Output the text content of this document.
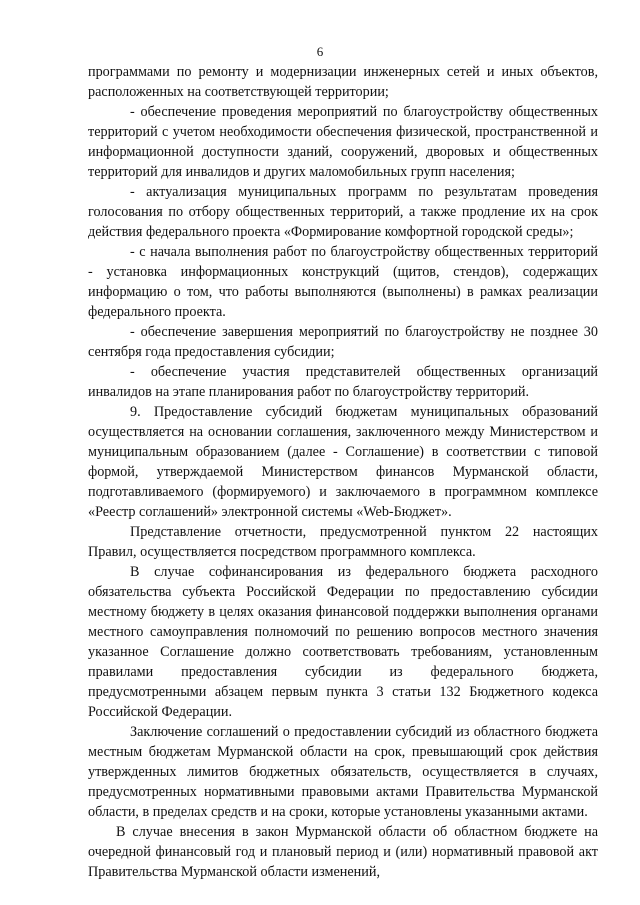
6

программами по ремонту и модернизации инженерных сетей и иных объектов, расположенных на соответствующей территории;

- обеспечение проведения мероприятий по благоустройству общественных территорий с учетом необходимости обеспечения физической, пространственной и информационной доступности зданий, сооружений, дворовых и общественных территорий для инвалидов и других маломобильных групп населения;

- актуализация муниципальных программ по результатам проведения голосования по отбору общественных территорий, а также продление их на срок действия федерального проекта «Формирование комфортной городской среды»;

- с начала выполнения работ по благоустройству общественных территорий - установка информационных конструкций (щитов, стендов), содержащих информацию о том, что работы выполняются (выполнены) в рамках реализации федерального проекта.

- обеспечение завершения мероприятий по благоустройству не позднее 30 сентября года предоставления субсидии;

- обеспечение участия представителей общественных организаций инвалидов на этапе планирования работ по благоустройству территорий.

9. Предоставление субсидий бюджетам муниципальных образований осуществляется на основании соглашения, заключенного между Министерством и муниципальным образованием (далее - Соглашение) в соответствии с типовой формой, утверждаемой Министерством финансов Мурманской области, подготавливаемого (формируемого) и заключаемого в программном комплексе «Реестр соглашений» электронной системы «Web-Бюджет».

Представление отчетности, предусмотренной пунктом 22 настоящих Правил, осуществляется посредством программного комплекса.

В случае софинансирования из федерального бюджета расходного обязательства субъекта Российской Федерации по предоставлению субсидии местному бюджету в целях оказания финансовой поддержки выполнения органами местного самоуправления полномочий по решению вопросов местного значения указанное Соглашение должно соответствовать требованиям, установленным правилами предоставления субсидии из федерального бюджета, предусмотренными абзацем первым пункта 3 статьи 132 Бюджетного кодекса Российской Федерации.

Заключение соглашений о предоставлении субсидий из областного бюджета местным бюджетам Мурманской области на срок, превышающий срок действия утвержденных лимитов бюджетных обязательств, осуществляется в случаях, предусмотренных нормативными правовыми актами Правительства Мурманской области, в пределах средств и на сроки, которые установлены указанными актами.

В случае внесения в закон Мурманской области об областном бюджете на очередной финансовый год и плановый период и (или) нормативный правовой акт Правительства Мурманской области изменений,
